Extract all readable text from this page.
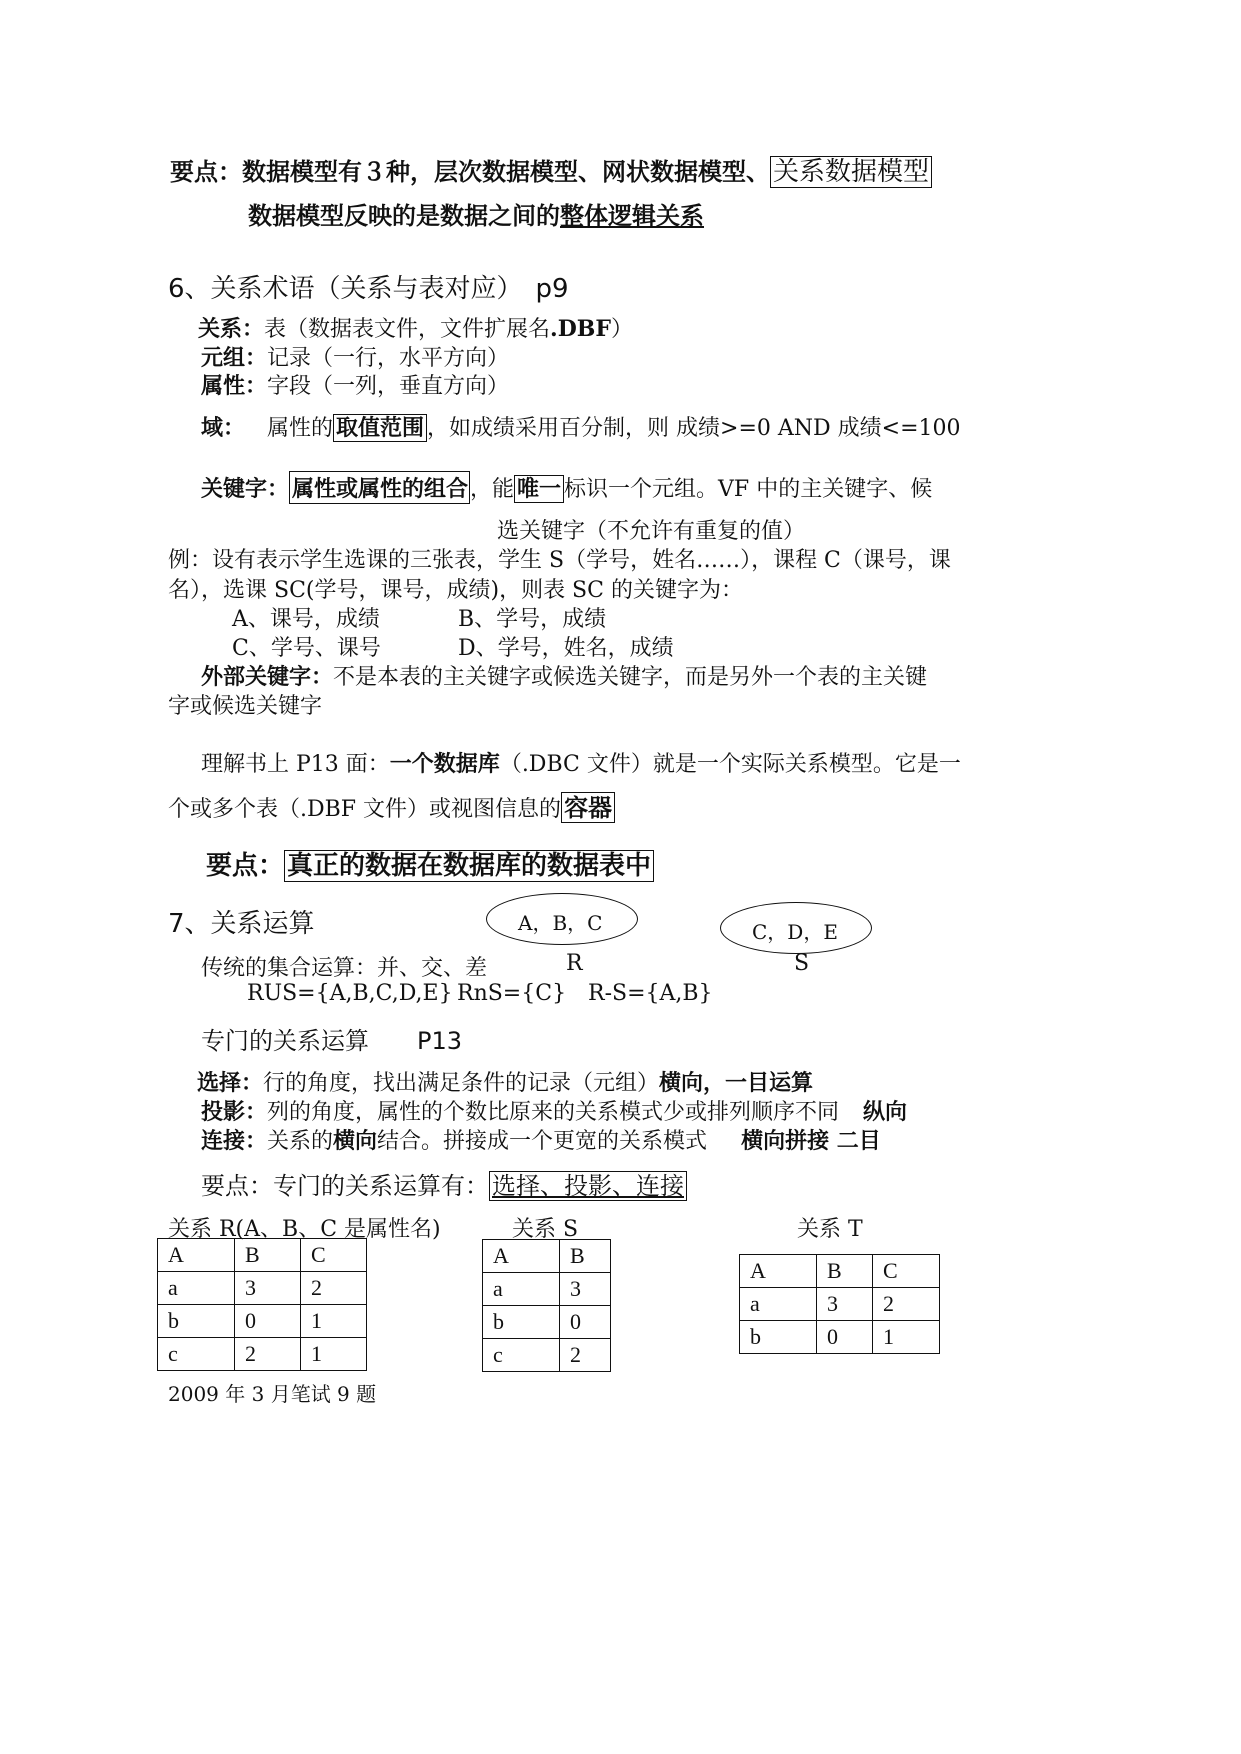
要点：数据模型有３种，层次数据模型、网状数据模型、 关系数据模型
数据模型反映的是数据之间的整体逻辑关系
6、关系术语（关系与表对应）　p9
关系：表（数据表文件，文件扩展名.DBF）
元组：记录（一行，水平方向）
属性：字段（一列，垂直方向）
域： 属性的 取值范围 ，如成绩采用百分制，则 成绩>=0 AND 成绩<=100
关键字： 属性或属性的组合，能 唯一 标识一个元组。VF 中的主关键字、候
选关键字（不允许有重复的值）
例：设有表示学生选课的三张表，学生 S（学号，姓名……），课程 C（课号，课
名），选课 SC(学号，课号，成绩)，则表 SC 的关键字为：
A、课号，成绩	B、学号，成绩
C、学号、课号	D、学号，姓名，成绩
外部关键字：不是本表的主关键字或候选关键字，而是另外一个表的主关键
字或候选关键字
理解书上 P13 面：一个数据库（.DBC 文件）就是一个实际关系模型。它是一
个或多个表（.DBF 文件）或视图信息的 容器
要点： 真正的数据在数据库的数据表中
7、关系运算	A，B，C	C，D，E
R	S
传统的集合运算：并、交、差
RUS={A,B,C,D,E} RnS={C} R-S={A,B}
专门的关系运算　　P13
选择：行的角度，找出满足条件的记录（元组）横向，一目运算
投影：列的角度，属性的个数比原来的关系模式少或排列顺序不同 纵向
连接：关系的横向结合。拼接成一个更宽的关系模式 横向拼接 二目
要点：专门的关系运算有： 选择、投影、连接
关系 R(A、B、C 是属性名)	关系 S	关系 T
A	B	C
a	3	2
b	0	1
c	2	1
A	B
a	3
b	0
c	2
A	B	C
a	3	2
b	0	1
2009 年 3 月笔试 9 题
